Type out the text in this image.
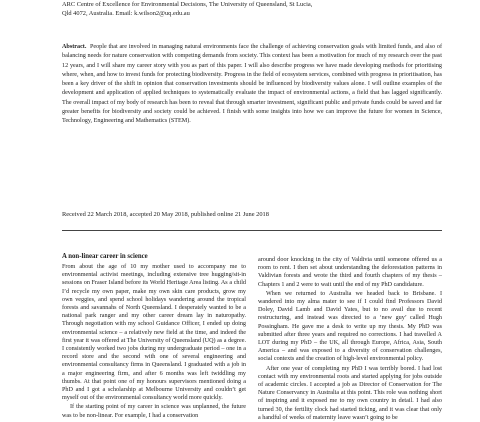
ARC Centre of Excellence for Environmental Decisions, The University of Queensland, St Lucia,
Qld 4072, Australia. Email: k.wilson2@uq.edu.au

Abstract. People that are involved in managing natural environments face the challenge of achieving conservation goals with limited funds, and also of balancing needs for nature conservation with competing demands from society. This context has been a motivation for much of my research over the past 12 years, and I will share my career story with you as part of this paper. I will also describe progress we have made developing methods for prioritising where, when, and how to invest funds for protecting biodiversity. Progress in the field of ecosystem services, combined with progress in prioritisation, has been a key driver of the shift in opinion that conservation investments should be influenced by biodiversity values alone. I will outline examples of the development and application of applied techniques to systematically evaluate the impact of environmental actions, a field that has lagged significantly. The overall impact of my body of research has been to reveal that through smarter investment, significant public and private funds could be saved and far greater benefits for biodiversity and society could be achieved. I finish with some insights into how we can improve the future for women in Science, Technology, Engineering and Mathematics (STEM).

Received 22 March 2018, accepted 20 May 2018, published online 21 June 2018
A non-linear career in science

From about the age of 10 my mother used to accompany me to environmental activist meetings, including extensive tree hugging/sit-in sessions on Fraser Island before its World Heritage Area listing. As a child I’d recycle my own paper, make my own skin care products, grow my own veggies, and spend school holidays wandering around the tropical forests and savannahs of North Queensland. I desperately wanted to be a national park ranger and my other career dream lay in naturopathy. Through negotiation with my school Guidance Officer, I ended up doing environmental science – a relatively new field at the time, and indeed the first year it was offered at The University of Queensland (UQ) as a degree. I consistently worked two jobs during my undergraduate period – one in a record store and the second with one of several engineering and environmental consultancy firms in Queensland. I graduated with a job in a major engineering firm, and after 6 months was left twiddling my thumbs. At that point one of my honours supervisors mentioned doing a PhD and I got a scholarship at Melbourne University and couldn’t get myself out of the environmental consultancy world more quickly.

If the starting point of my career in science was unplanned, the future was to be non-linear. For example, I had a conservation

around door knocking in the city of Valdivia until someone offered us a room to rent. I then set about understanding the deforestation patterns in Valdivian forests and wrote the third and fourth chapters of my thesis – Chapters 1 and 2 were to wait until the end of my PhD candidature.

When we returned to Australia we headed back to Brisbane. I wandered into my alma mater to see if I could find Professors David Doley, David Lamb and David Yates, but to no avail due to recent restructuring, and instead was directed to a ‘new guy’ called Hugh Possingham. He gave me a desk to write up my thesis. My PhD was submitted after three years and required no corrections. I had travelled A LOT during my PhD – the UK, all through Europe, Africa, Asia, South America – and was exposed to a diversity of conservation challenges, social contexts and the creation of high-level environmental policy.

After one year of completing my PhD I was terribly bored. I had lost contact with my environmental roots and started applying for jobs outside of academic circles. I accepted a job as Director of Conservation for The Nature Conservancy in Australia at this point. This role was nothing short of inspiring and it exposed me to my own country in detail. I had also turned 30, the fertility clock had started ticking, and it was clear that only a handful of weeks of maternity leave wasn’t going to be
